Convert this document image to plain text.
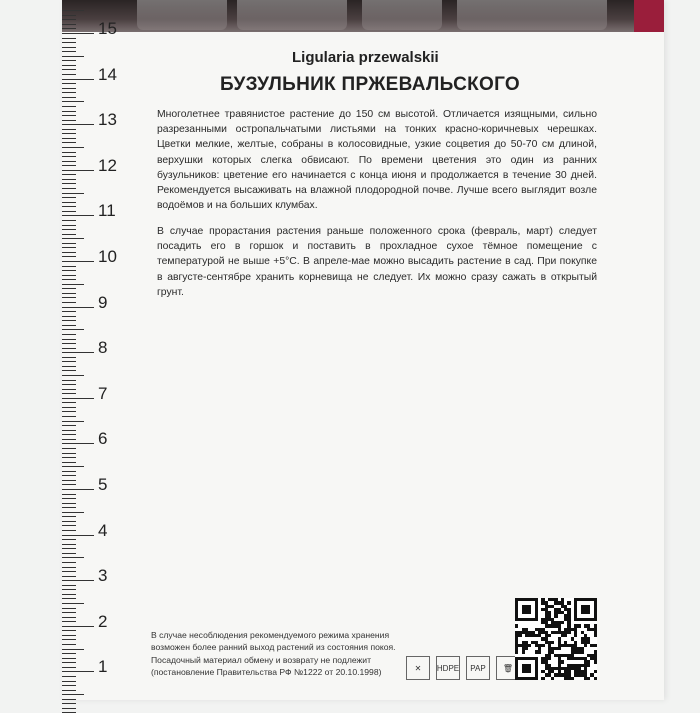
15
14
13
12
11
10
9
8
7
6
5
4
3
2
1
Ligularia przewalskii
БУЗУЛЬНИК ПРЖЕВАЛЬСКОГО
Многолетнее травянистое растение до 150 см высотой. Отличается изящными, сильно разрезанными остропальчатыми листьями на тонких красно-коричневых черешках. Цветки мелкие, желтые, собраны в колосовидные, узкие соцветия до 50-70 см длиной, верхушки которых слегка обвисают. По времени цветения это один из ранних бузульников: цветение его начинается с конца июня и продолжается в течение 30 дней. Рекомендуется высаживать на влажной плодородной почве. Лучше всего выглядит возле водоёмов и на больших клумбах.
В случае прорастания растения раньше положенного срока (февраль, март) следует посадить его в горшок и поставить в прохладное сухое тёмное помещение с температурой не выше +5°С. В апреле-мае можно высадить растение в сад. При покупке в августе-сентябре хранить корневища не следует. Их можно сразу сажать в открытый грунт.
В случае несоблюдения рекомендуемого режима хранения возможен более ранний выход растений из состояния покоя. Посадочный материал обмену и возврату не подлежит (постановление Правительства РФ №1222 от 20.10.1998)	✕	HDPE PAP	🗑
